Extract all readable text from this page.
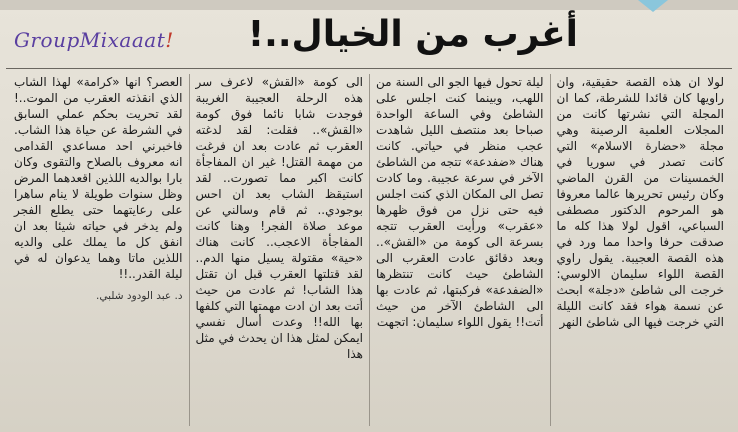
GroupMixaaat! أغرب من الخيال..!

لولا ان هذه القصة حقيقية، وان راويها كان قائدا للشرطة، كما ان المجلة التي نشرتها كانت من المجلات العلمية الرصينة وهي مجلة «حضارة الاسلام» التي كانت تصدر في سوريا في الخمسينات من القرن الماضي وكان رئيس تحريرها عالما معروفا هو المرحوم الدكتور مصطفى السباعي، اقول لولا هذا كله ما صدقت حرفا واحدا مما ورد في هذه القصة العجيبة. يقول راوي القصة اللواء سليمان الالوسي: خرجت الى شاطئ «دجلة» ابحث عن نسمة هواء فقد كانت الليلة التي خرجت فيها الى شاطئ النهر

ليلة تحول فيها الجو الى السنة من اللهب، وبينما كنت اجلس على الشاطئ وفي الساعة الواحدة صباحا بعد منتصف الليل شاهدت عجب منظر في حياتي. كانت هناك «ضفدعة» تتجه من الشاطئ الآخر في سرعة عجيبة. وما كادت تصل الى المكان الذي كنت اجلس فيه حتى نزل من فوق ظهرها «عقرب» ورأيت العقرب تتجه بسرعة الى كومة من «القش».. وبعد دقائق عادت العقرب الى الشاطئ حيث كانت تنتظرها «الضفدعة» فركبتها، ثم عادت بها الى الشاطئ الآخر من حيث أتت!! يقول اللواء سليمان: اتجهت

الى كومة «القش» لاعرف سر هذه الرحلة العجيبة الغريبة فوجدت شابا نائما فوق كومة «القش».. فقلت: لقد لدغته العقرب ثم عادت بعد ان فرغت من مهمة القتل! غير ان المفاجأة كانت اكبر مما تصورت.. لقد استيقظ الشاب بعد ان احس بوجودي.. ثم قام وسالني عن موعد صلاة الفجر! وهنا كانت المفاجأة الاعجب.. كانت هناك «حية» مقتولة يسيل منها الدم.. لقد قتلتها العقرب قبل ان تقتل هذا الشاب! ثم عادت من حيث أتت بعد ان ادت مهمتها التي كلفها بها الله!! وعدت أسال نفسي ايمكن لمثل هذا ان يحدث في مثل هذا

العصر؟ انها «كرامة» لهذا الشاب الذي انقذته العقرب من الموت..! لقد تحريت بحكم عملي السابق في الشرطة عن حياة هذا الشاب. فاخبرني احد مساعدي القدامى انه معروف بالصلاح والتقوى وكان بارا بوالديه اللذين اقعدهما المرض وظل سنوات طويلة لا ينام ساهرا على رعايتهما حتى يطلع الفجر ولم يدخر في حياته شيئا بعد ان انفق كل ما يملك على والديه اللذين ماتا وهما يدعوان له في ليلة القدر..!!

د. عبد الودود شلبي.
